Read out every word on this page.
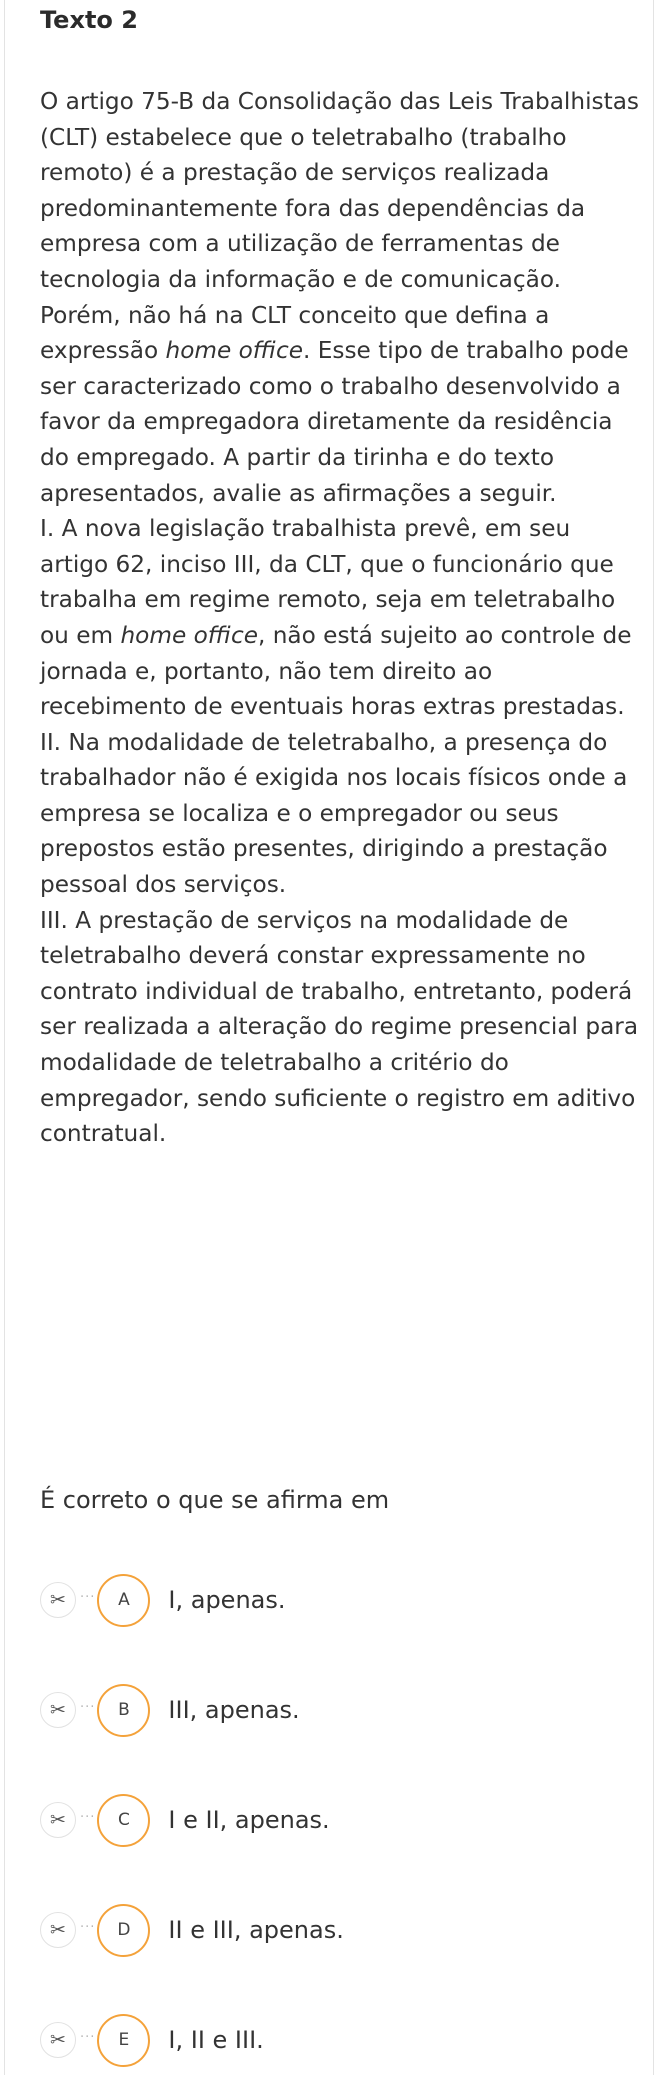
Texto 2

O artigo 75-B da Consolidação das Leis Trabalhistas (CLT) estabelece que o teletrabalho (trabalho remoto) é a prestação de serviços realizada predominantemente fora das dependências da empresa com a utilização de ferramentas de tecnologia da informação e de comunicação. Porém, não há na CLT conceito que defina a expressão home office. Esse tipo de trabalho pode ser caracterizado como o trabalho desenvolvido a favor da empregadora diretamente da residência do empregado. A partir da tirinha e do texto apresentados, avalie as afirmações a seguir.

I. A nova legislação trabalhista prevê, em seu artigo 62, inciso III, da CLT, que o funcionário que trabalha em regime remoto, seja em teletrabalho ou em home office, não está sujeito ao controle de jornada e, portanto, não tem direito ao recebimento de eventuais horas extras prestadas.

II. Na modalidade de teletrabalho, a presença do trabalhador não é exigida nos locais físicos onde a empresa se localiza e o empregador ou seus prepostos estão presentes, dirigindo a prestação pessoal dos serviços.

III. A prestação de serviços na modalidade de teletrabalho deverá constar expressamente no contrato individual de trabalho, entretanto, poderá ser realizada a alteração do regime presencial para modalidade de teletrabalho a critério do empregador, sendo suficiente o registro em aditivo contratual.

É correto o que se afirma em
✂	···	A	I, apenas.
✂	···	B	III, apenas.
✂	···	C	I e II, apenas.
✂	···	D	II e III, apenas.
✂	···	E	I, II e III.
